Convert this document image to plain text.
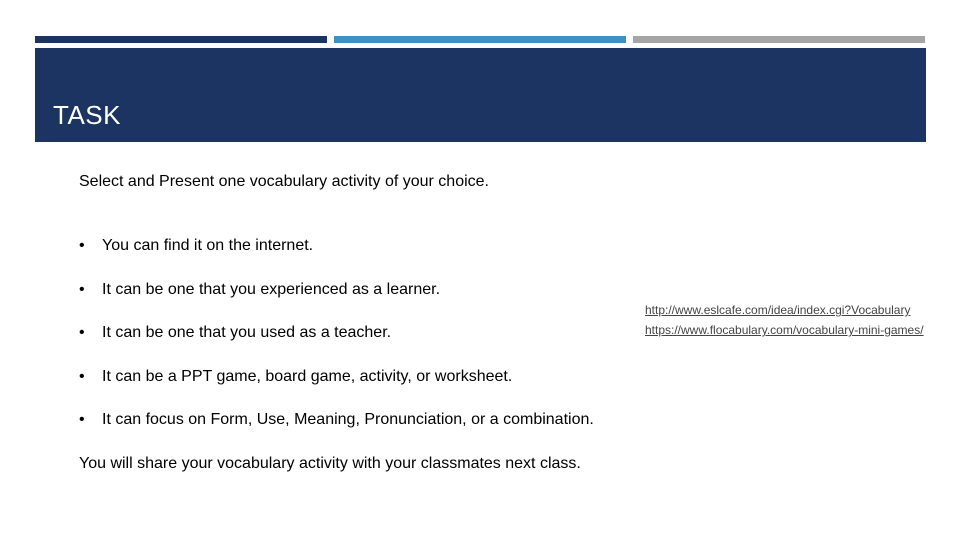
TASK

Select and Present one vocabulary activity of your choice.

• You can find it on the internet.

• It can be one that you experienced as a learner.

• It can be one that you used as a teacher.

• It can be a PPT game, board game, activity, or worksheet.

• It can focus on Form, Use, Meaning, Pronunciation, or a combination.

You will share your vocabulary activity with your classmates next class.

http://www.eslcafe.com/idea/index.cgi?Vocabulary
https://www.flocabulary.com/vocabulary-mini-games/
